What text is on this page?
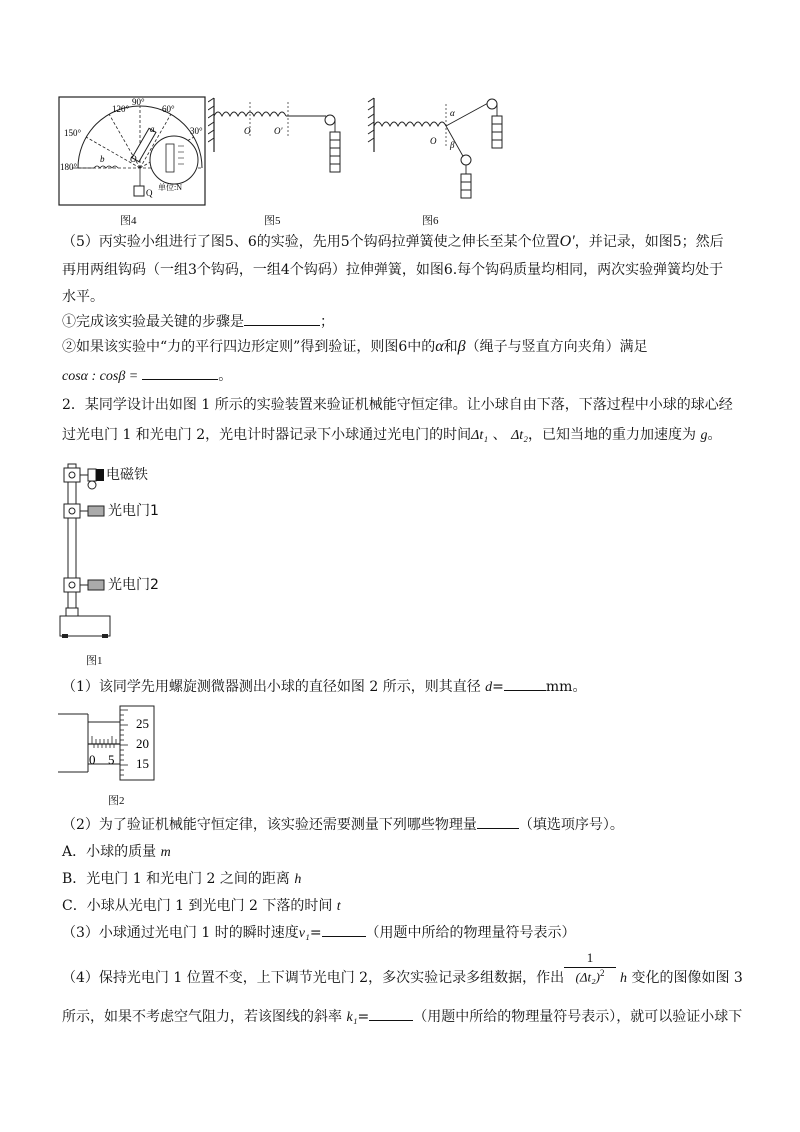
120°
90°
60°
150°	30°
180°
a
b	O
Q
单位:N
图4
O	O'
图5
O
α
β
图6
（5）丙实验小组进行了图5、6的实验，先用5个钩码拉弹簧使之伸长至某个位置O′，并记录，如图5；然后
再用两组钩码（一组3个钩码，一组4个钩码）拉伸弹簧，如图6.每个钩码质量均相同，两次实验弹簧均处于
水平。
①完成该实验最关键的步骤是	；
②如果该实验中“力的平行四边形定则”得到验证，则图6中的α和β（绳子与竖直方向夹角）满足
cosα : cosβ =	。
2．某同学设计出如图 1 所示的实验装置来验证机械能守恒定律。让小球自由下落，下落过程中小球的球心经
过光电门 1 和光电门 2，光电计时器记录下小球通过光电门的时间Δt₁ 、 Δt₂，已知当地的重力加速度为 g。
电磁铁
光电门1
光电门2
图1
（1）该同学先用螺旋测微器测出小球的直径如图 2 所示，则其直径 d=	mm。
25
20
15
0 5
图2
（2）为了验证机械能守恒定律，该实验还需要测量下列哪些物理量	（填选项序号）。
A．小球的质量 m
B．光电门 1 和光电门 2 之间的距离 h
C．小球从光电门 1 到光电门 2 下落的时间 t
（3）小球通过光电门 1 时的瞬时速度v₁=	（用题中所给的物理量符号表示）
（4）保持光电门 1 位置不变，上下调节光电门 2，多次实验记录多组数据，作出
1
$(\Delta t_2)^2$	h 变化的图像如图 3
所示，如果不考虑空气阻力，若该图线的斜率 k₁=	（用题中所给的物理量符号表示），就可以验证小球下
